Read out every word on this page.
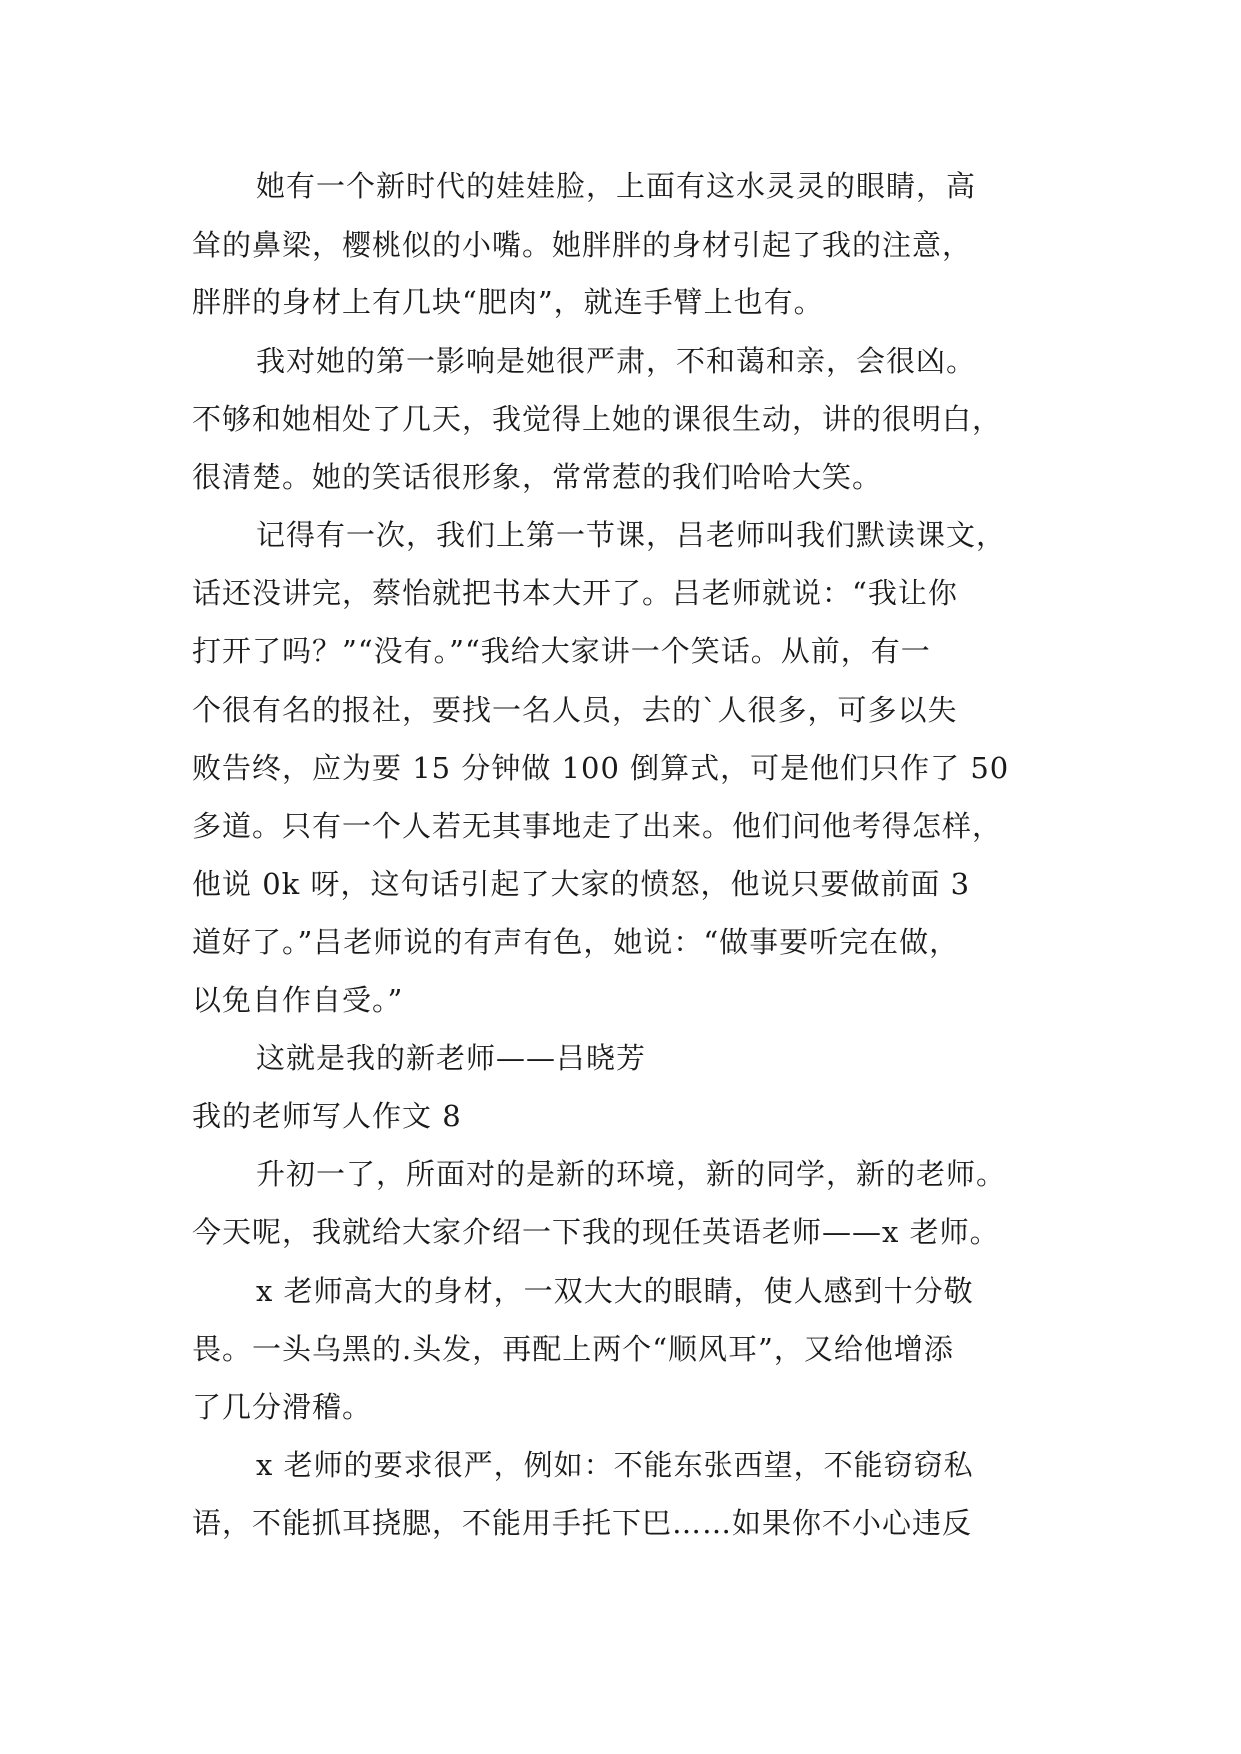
她有一个新时代的娃娃脸，上面有这水灵灵的眼睛，高
耸的鼻梁，樱桃似的小嘴。她胖胖的身材引起了我的注意，
胖胖的身材上有几块“肥肉”，就连手臂上也有。
我对她的第一影响是她很严肃，不和蔼和亲，会很凶。
不够和她相处了几天，我觉得上她的课很生动，讲的很明白，
很清楚。她的笑话很形象，常常惹的我们哈哈大笑。
记得有一次，我们上第一节课，吕老师叫我们默读课文，
话还没讲完，蔡怡就把书本大开了。吕老师就说：“我让你
打开了吗？”“没有。”“我给大家讲一个笑话。从前，有一
个很有名的报社，要找一名人员，去的`人很多，可多以失
败告终，应为要 15 分钟做 100 倒算式，可是他们只作了 50
多道。只有一个人若无其事地走了出来。他们问他考得怎样，
他说 0k 呀，这句话引起了大家的愤怒，他说只要做前面 3
道好了。”吕老师说的有声有色，她说：“做事要听完在做，
以免自作自受。”
这就是我的新老师——吕晓芳
我的老师写人作文 8
升初一了，所面对的是新的环境，新的同学，新的老师。
今天呢，我就给大家介绍一下我的现任英语老师——x 老师。
x 老师高大的身材，一双大大的眼睛，使人感到十分敬
畏。一头乌黑的.头发，再配上两个“顺风耳”，又给他增添
了几分滑稽。
x 老师的要求很严，例如：不能东张西望，不能窃窃私
语，不能抓耳挠腮，不能用手托下巴……如果你不小心违反
